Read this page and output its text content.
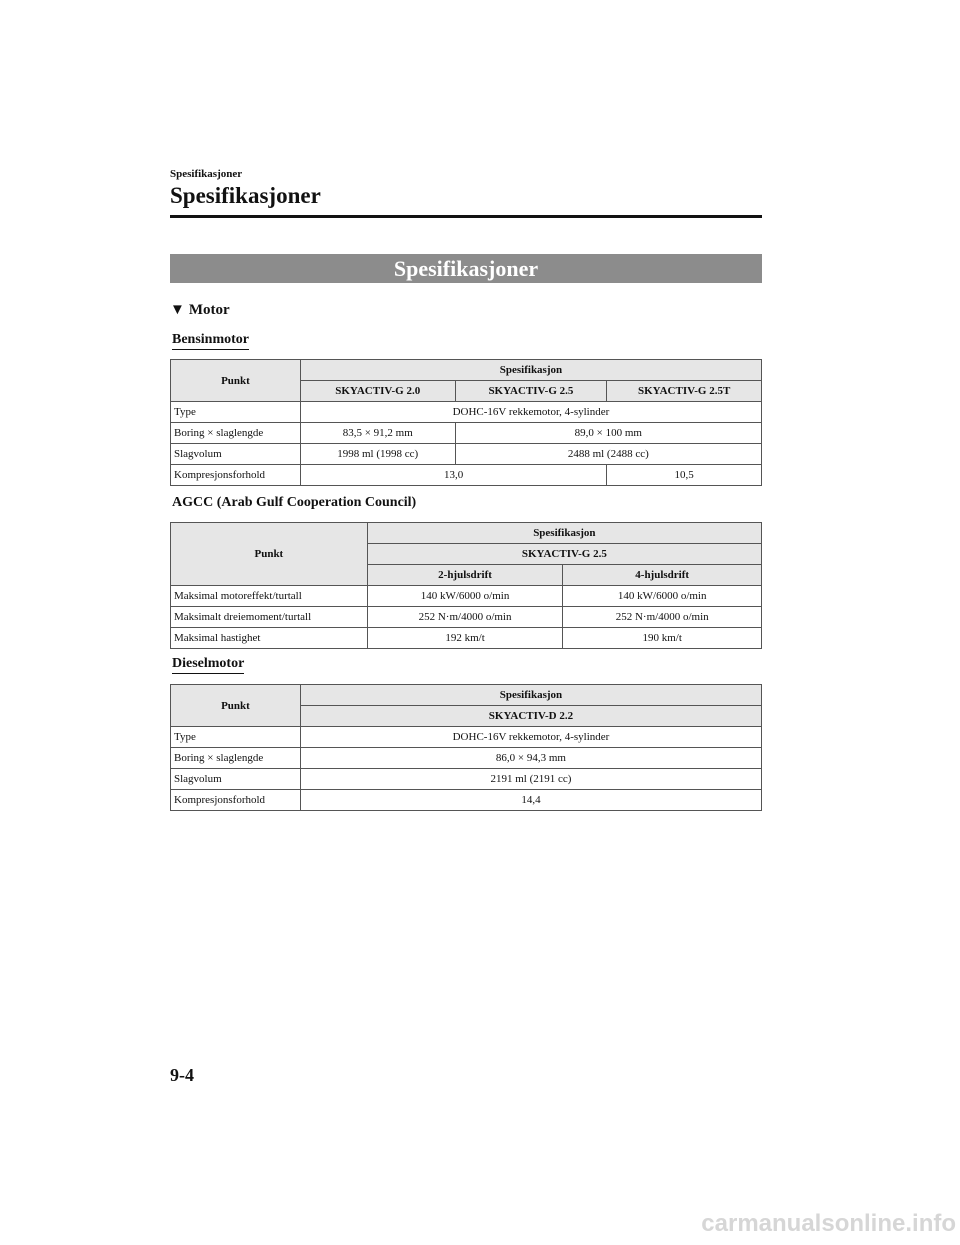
Spesifikasjoner
Spesifikasjoner
Spesifikasjoner
▼ Motor
Bensinmotor
Punkt	Spesifikasjon		
	SKYACTIV-G 2.0	SKYACTIV-G 2.5	SKYACTIV-G 2.5T
Type	DOHC-16V rekkemotor, 4-sylinder		
Boring × slaglengde	83,5 × 91,2 mm	89,0 × 100 mm	
Slagvolum	1998 ml (1998 cc)	2488 ml (2488 cc)	
Kompresjonsforhold	13,0		10,5
AGCC (Arab Gulf Cooperation Council)
Punkt	Spesifikasjon	
	SKYACTIV-G 2.5	
	2-hjulsdrift	4-hjulsdrift
Maksimal motoreffekt/turtall	140 kW/6000 o/min	140 kW/6000 o/min
Maksimalt dreiemoment/turtall	252 N·m/4000 o/min	252 N·m/4000 o/min
Maksimal hastighet	192 km/t	190 km/t
Dieselmotor
Punkt	Spesifikasjon
	SKYACTIV-D 2.2
Type	DOHC-16V rekkemotor, 4-sylinder
Boring × slaglengde	86,0 × 94,3 mm
Slagvolum	2191 ml (2191 cc)
Kompresjonsforhold	14,4
9-4
carmanualsonline.info
